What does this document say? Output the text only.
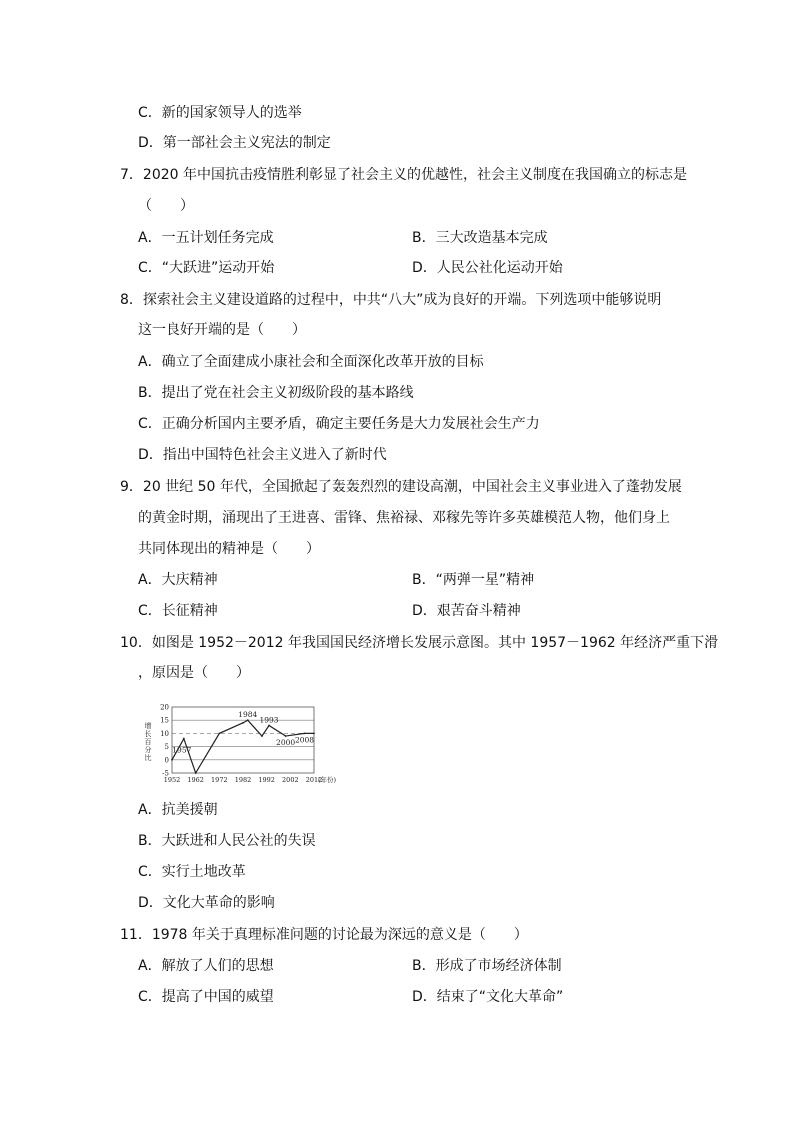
C．新的国家领导人的选举
D．第一部社会主义宪法的制定
7．2020 年中国抗击疫情胜利彰显了社会主义的优越性，社会主义制度在我国确立的标志是
（　　）
A．一五计划任务完成	B．三大改造基本完成
C．“大跃进”运动开始	D．人民公社化运动开始
8．探索社会主义建设道路的过程中，中共“八大”成为良好的开端。下列选项中能够说明
这一良好开端的是（　　）
A．确立了全面建成小康社会和全面深化改革开放的目标
B．提出了党在社会主义初级阶段的基本路线
C．正确分析国内主要矛盾，确定主要任务是大力发展社会生产力
D．指出中国特色社会主义进入了新时代
9．20 世纪 50 年代，全国掀起了轰轰烈烈的建设高潮，中国社会主义事业进入了蓬勃发展
的黄金时期，涌现出了王进喜、雷锋、焦裕禄、邓稼先等许多英雄模范人物，他们身上
共同体现出的精神是（　　）
A．大庆精神	B．“两弹一星”精神
C．长征精神	D．艰苦奋斗精神
10．如图是 1952－2012 年我国国民经济增长发展示意图。其中 1957－1962 年经济严重下滑
，原因是（　　）
增
长
百
分
比
20
15
10
5
0
-5
1957
1984
1993
2000 2008
1952 1962 1972 1982 1992 2002 2012
(年份)
A．抗美援朝
B．大跃进和人民公社的失误
C．实行土地改革
D．文化大革命的影响
11．1978 年关于真理标准问题的讨论最为深远的意义是（　　）
A．解放了人们的思想	B．形成了市场经济体制
C．提高了中国的威望	D．结束了“文化大革命”
